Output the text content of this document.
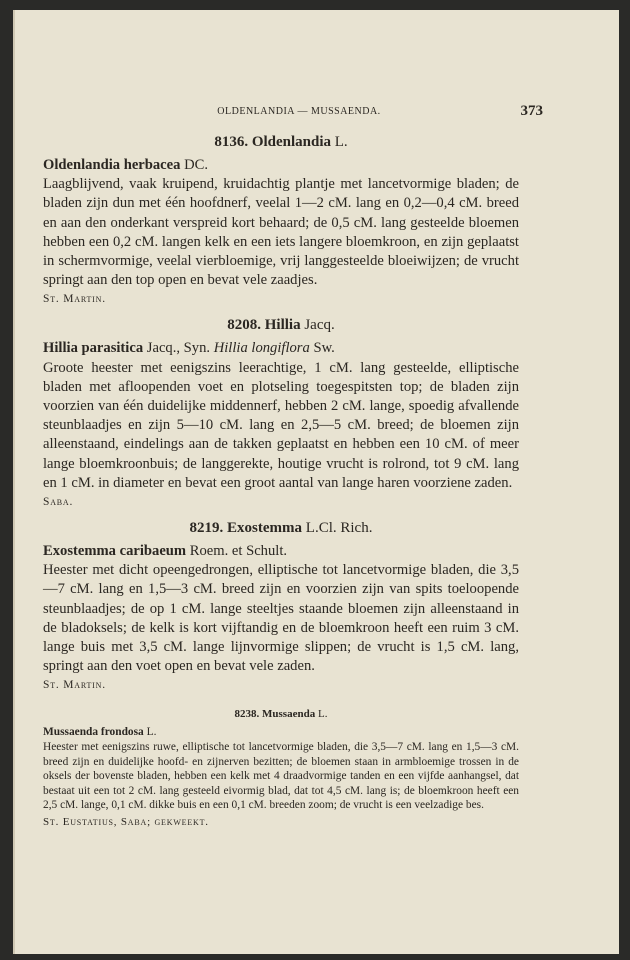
OLDENLANDIA — MUSSAENDA.	373
8136. Oldenlandia L.

Oldenlandia herbacea DC.

Laagblijvend, vaak kruipend, kruidachtig plantje met lancetvormige bladen; de bladen zijn dun met één hoofdnerf, veelal 1—2 cM. lang en 0,2—0,4 cM. breed en aan den onderkant verspreid kort behaard; de 0,5 cM. lang gesteelde bloemen hebben een 0,2 cM. langen kelk en een iets langere bloemkroon, en zijn geplaatst in schermvormige, veelal vierbloemige, vrij langgesteelde bloeiwijzen; de vrucht springt aan den top open en bevat vele zaadjes.

St. Martin.

8208. Hillia Jacq.

Hillia parasitica Jacq., Syn. Hillia longiflora Sw.

Groote heester met eenigszins leerachtige, 1 cM. lang gesteelde, elliptische bladen met afloopenden voet en plotseling toegespitsten top; de bladen zijn voorzien van één duidelijke middennerf, hebben 2 cM. lange, spoedig afvallende steunblaadjes en zijn 5—10 cM. lang en 2,5—5 cM. breed; de bloemen zijn alleenstaand, eindelings aan de takken geplaatst en hebben een 10 cM. of meer lange bloemkroonbuis; de langgerekte, houtige vrucht is rolrond, tot 9 cM. lang en 1 cM. in diameter en bevat een groot aantal van lange haren voorziene zaden.

Saba.

8219. Exostemma L.Cl. Rich.

Exostemma caribaeum Roem. et Schult.

Heester met dicht opeengedrongen, elliptische tot lancetvormige bladen, die 3,5—7 cM. lang en 1,5—3 cM. breed zijn en voorzien zijn van spits toeloopende steunblaadjes; de op 1 cM. lange steeltjes staande bloemen zijn alleenstaand in de bladoksels; de kelk is kort vijftandig en de bloemkroon heeft een ruim 3 cM. lange buis met 3,5 cM. lange lijnvormige slippen; de vrucht is 1,5 cM. lang, springt aan den voet open en bevat vele zaden.

St. Martin.

8238. Mussaenda L.

Mussaenda frondosa L.

Heester met eenigszins ruwe, elliptische tot lancetvormige bladen, die 3,5—7 cM. lang en 1,5—3 cM. breed zijn en duidelijke hoofd- en zijnerven bezitten; de bloemen staan in armbloemige trossen in de oksels der bovenste bladen, hebben een kelk met 4 draadvormige tanden en een vijfde aanhangsel, dat bestaat uit een tot 2 cM. lang gesteeld eivormig blad, dat tot 4,5 cM. lang is; de bloemkroon heeft een 2,5 cM. lange, 0,1 cM. dikke buis en een 0,1 cM. breeden zoom; de vrucht is een veelzadige bes.

St. Eustatius, Saba; gekweekt.
